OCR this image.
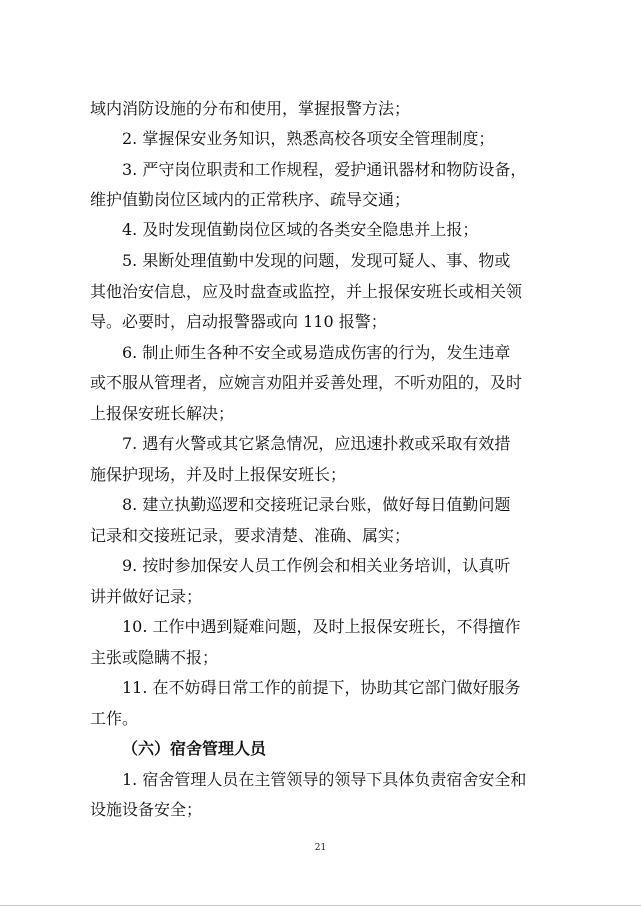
域内消防设施的分布和使用，掌握报警方法；
2. 掌握保安业务知识，熟悉高校各项安全管理制度；
3. 严守岗位职责和工作规程，爱护通讯器材和物防设备，
维护值勤岗位区域内的正常秩序、疏导交通；
4. 及时发现值勤岗位区域的各类安全隐患并上报；
5. 果断处理值勤中发现的问题，发现可疑人、事、物或
其他治安信息，应及时盘查或监控，并上报保安班长或相关领
导。必要时，启动报警器或向 110 报警；
6. 制止师生各种不安全或易造成伤害的行为，发生违章
或不服从管理者，应婉言劝阻并妥善处理，不听劝阻的，及时
上报保安班长解决；
7. 遇有火警或其它紧急情况，应迅速扑救或采取有效措
施保护现场，并及时上报保安班长；
8. 建立执勤巡逻和交接班记录台账，做好每日值勤问题
记录和交接班记录，要求清楚、准确、属实；
9. 按时参加保安人员工作例会和相关业务培训，认真听
讲并做好记录；
10. 工作中遇到疑难问题，及时上报保安班长，不得擅作
主张或隐瞒不报；
11. 在不妨碍日常工作的前提下，协助其它部门做好服务
工作。
（六）宿舍管理人员
1. 宿舍管理人员在主管领导的领导下具体负责宿舍安全和
设施设备安全；
21
